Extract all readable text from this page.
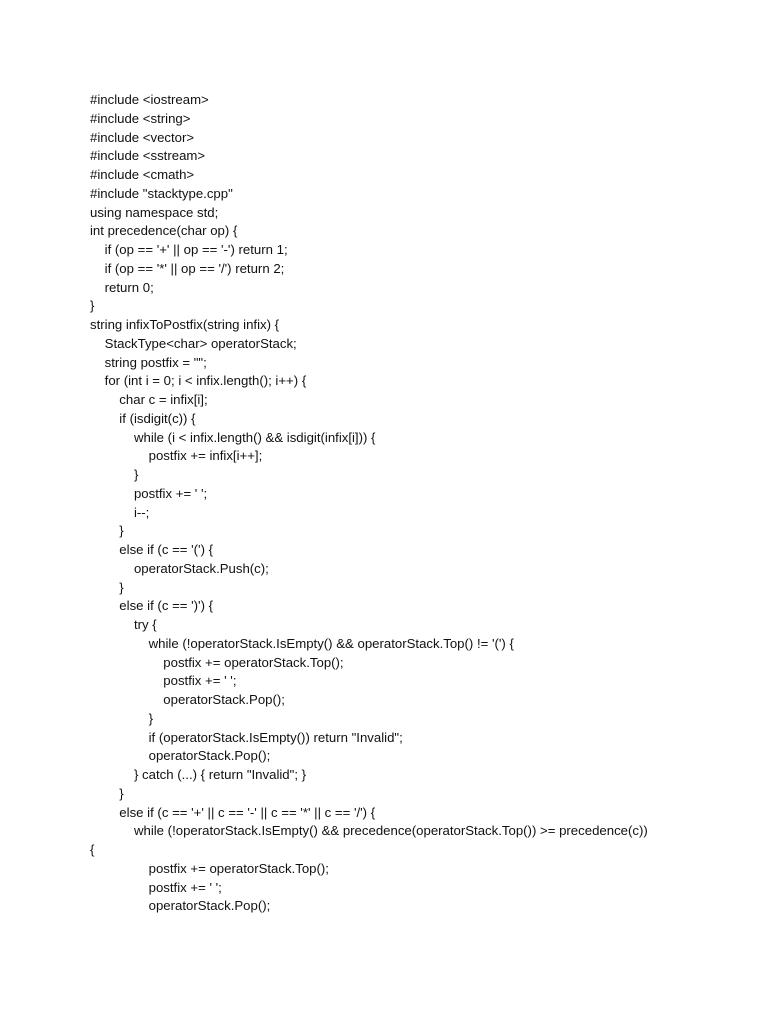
#include <iostream>
#include <string>
#include <vector>
#include <sstream>
#include <cmath>
#include "stacktype.cpp"
using namespace std;
int precedence(char op) {
if (op == '+' || op == '-') return 1;
if (op == '*' || op == '/') return 2;
return 0;
}
string infixToPostfix(string infix) {
StackType<char> operatorStack;
string postfix = "";
for (int i = 0; i < infix.length(); i++) {
char c = infix[i];
if (isdigit(c)) {
while (i < infix.length() && isdigit(infix[i])) {
postfix += infix[i++];
}
postfix += ' ';
i--;
}
else if (c == '(') {
operatorStack.Push(c);
}
else if (c == ')') {
try {
while (!operatorStack.IsEmpty() && operatorStack.Top() != '(') {
postfix += operatorStack.Top();
postfix += ' ';
operatorStack.Pop();
}
if (operatorStack.IsEmpty()) return "Invalid";
operatorStack.Pop();
} catch (...) { return "Invalid"; }
}
else if (c == '+' || c == '-' || c == '*' || c == '/') {
while (!operatorStack.IsEmpty() && precedence(operatorStack.Top()) >= precedence(c))
{
postfix += operatorStack.Top();
postfix += ' ';
operatorStack.Pop();
